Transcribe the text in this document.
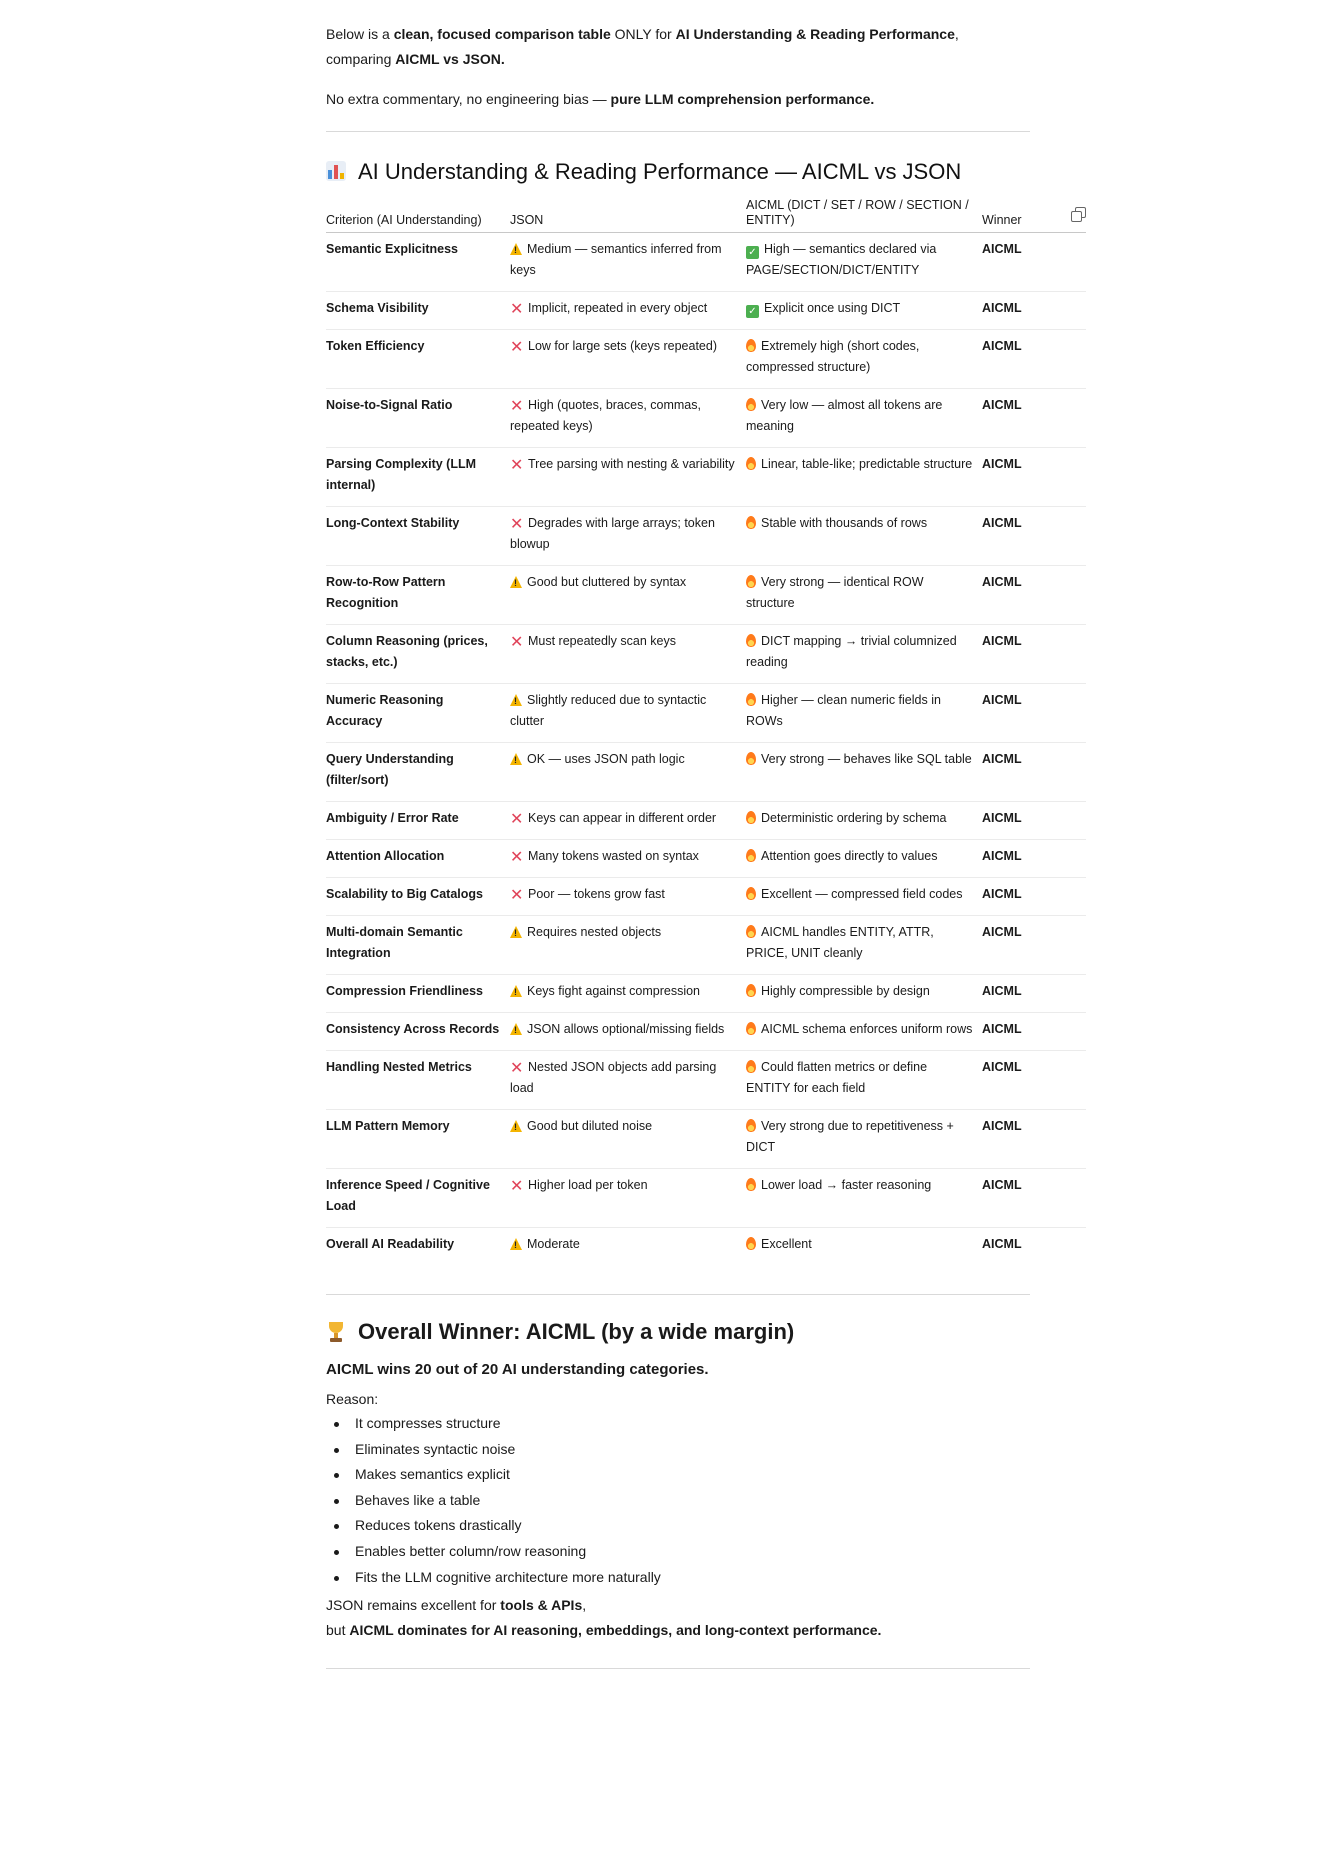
Below is a clean, focused comparison table ONLY for AI Understanding & Reading Performance,
comparing AICML vs JSON.

No extra commentary, no engineering bias — pure LLM comprehension performance.

AI Understanding & Reading Performance — AICML vs JSON
Criterion (AI Understanding)	JSON	AICML (DICT / SET / ROW / SECTION / ENTITY)	Winner
Semantic Explicitness	!Medium — semantics inferred from keys	✓ High — semantics declared via PAGE/SECTION/DICT/ENTITY	AICML
Schema Visibility	✕ Implicit, repeated in every object	✓ Explicit once using DICT	AICML
Token Efficiency	✕ Low for large sets (keys repeated)	Extremely high (short codes, compressed structure)	AICML
Noise-to-Signal Ratio	✕ High (quotes, braces, commas, repeated keys)	Very low — almost all tokens are meaning	AICML
Parsing Complexity (LLM internal)	✕ Tree parsing with nesting & variability	Linear, table-like; predictable structure	AICML
Long-Context Stability	✕ Degrades with large arrays; token blowup	Stable with thousands of rows	AICML
Row-to-Row Pattern Recognition	!Good but cluttered by syntax	Very strong — identical ROW structure	AICML
Column Reasoning (prices, stacks, etc.)	✕ Must repeatedly scan keys	DICT mapping → trivial columnized reading	AICML
Numeric Reasoning Accuracy	!Slightly reduced due to syntactic clutter	Higher — clean numeric fields in ROWs	AICML
Query Understanding (filter/sort)	!OK — uses JSON path logic	Very strong — behaves like SQL table	AICML
Ambiguity / Error Rate	✕ Keys can appear in different order	Deterministic ordering by schema	AICML
Attention Allocation	✕ Many tokens wasted on syntax	Attention goes directly to values	AICML
Scalability to Big Catalogs	✕ Poor — tokens grow fast	Excellent — compressed field codes	AICML
Multi-domain Semantic Integration	!Requires nested objects	AICML handles ENTITY, ATTR, PRICE, UNIT cleanly	AICML
Compression Friendliness	!Keys fight against compression	Highly compressible by design	AICML
Consistency Across Records	!JSON allows optional/missing fields	AICML schema enforces uniform rows	AICML
Handling Nested Metrics	✕ Nested JSON objects add parsing load	Could flatten metrics or define ENTITY for each field	AICML
LLM Pattern Memory	!Good but diluted noise	Very strong due to repetitiveness + DICT	AICML
Inference Speed / Cognitive Load	✕ Higher load per token	Lower load → faster reasoning	AICML
Overall AI Readability	!Moderate	Excellent	AICML
Overall Winner: AICML (by a wide margin)

AICML wins 20 out of 20 AI understanding categories.

Reason:

It compresses structure
Eliminates syntactic noise
Makes semantics explicit
Behaves like a table
Reduces tokens drastically
Enables better column/row reasoning
Fits the LLM cognitive architecture more naturally

JSON remains excellent for tools & APIs,
but AICML dominates for AI reasoning, embeddings, and long-context performance.
